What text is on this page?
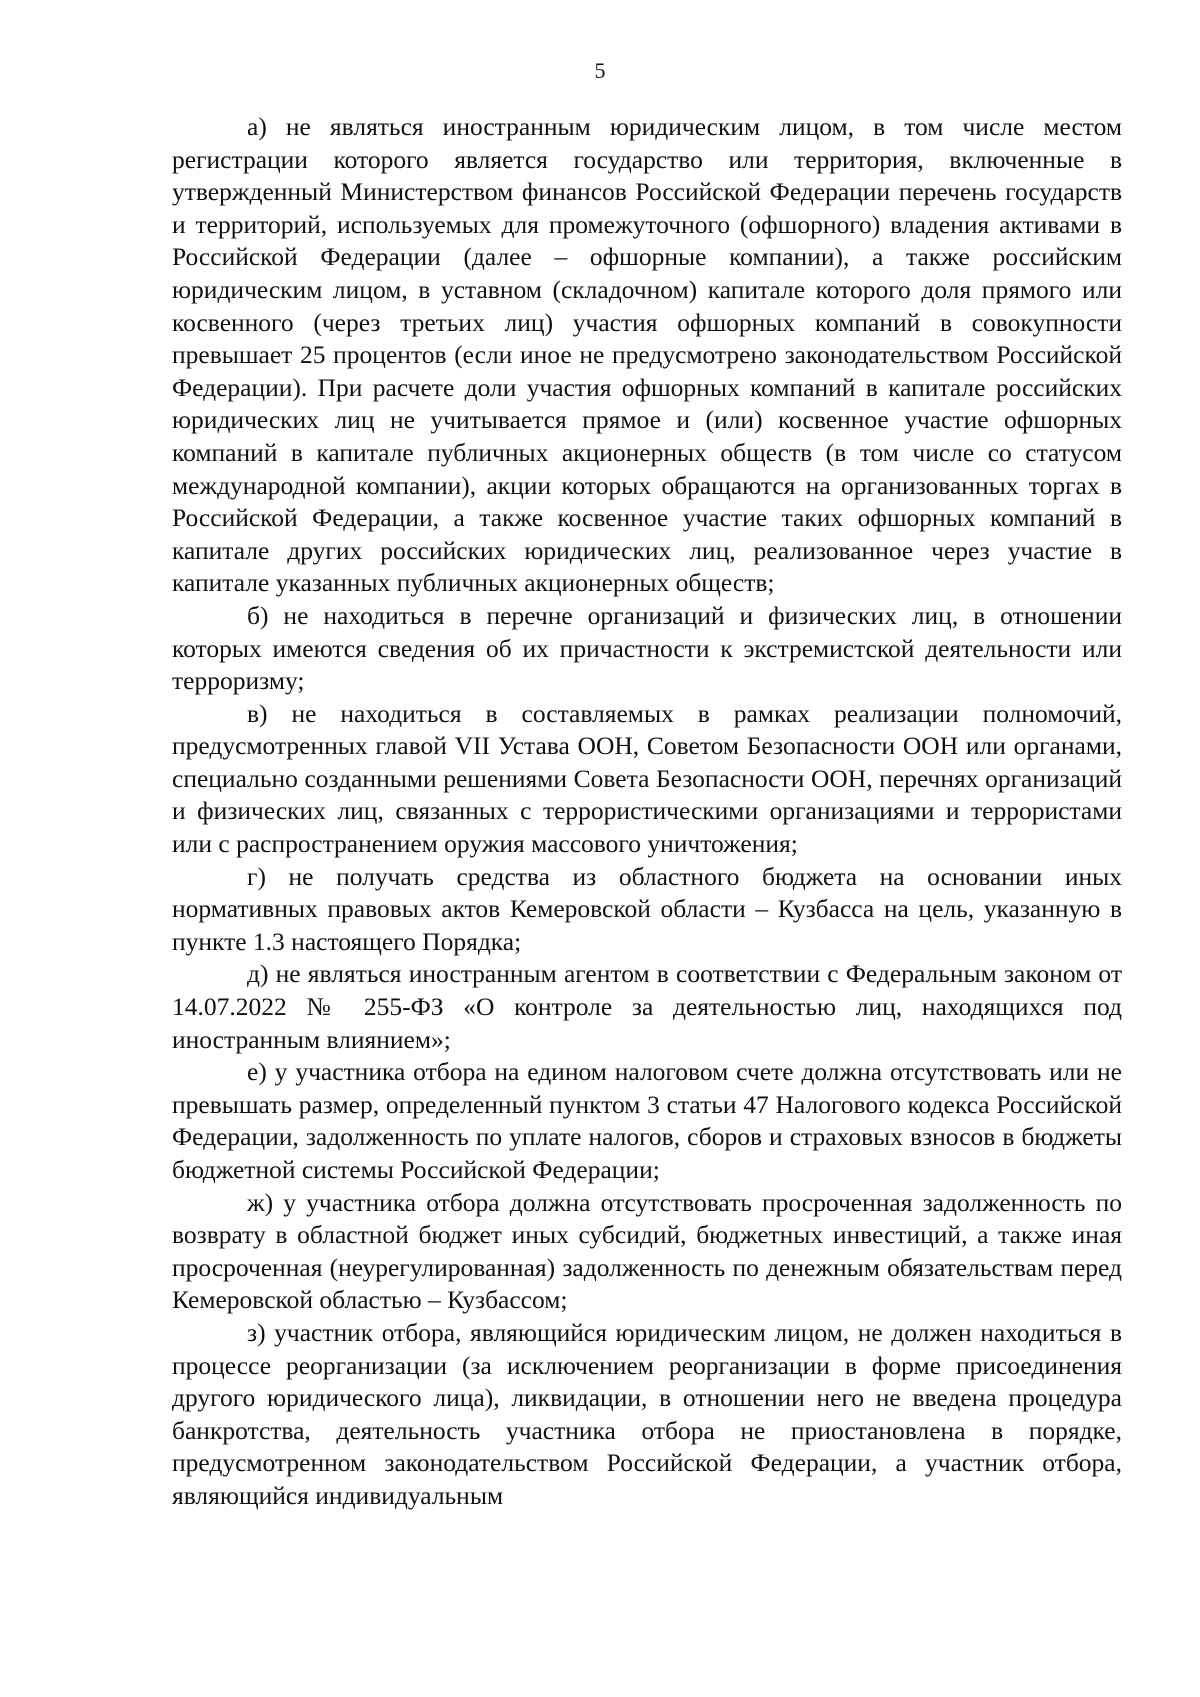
5

а) не являться иностранным юридическим лицом, в том числе местом регистрации которого является государство или территория, включенные в утвержденный Министерством финансов Российской Федерации перечень государств и территорий, используемых для промежуточного (офшорного) владения активами в Российской Федерации (далее – офшорные компании), а также российским юридическим лицом, в уставном (складочном) капитале которого доля прямого или косвенного (через третьих лиц) участия офшорных компаний в совокупности превышает 25 процентов (если иное не предусмотрено законодательством Российской Федерации). При расчете доли участия офшорных компаний в капитале российских юридических лиц не учитывается прямое и (или) косвенное участие офшорных компаний в капитале публичных акционерных обществ (в том числе со статусом международной компании), акции которых обращаются на организованных торгах в Российской Федерации, а также косвенное участие таких офшорных компаний в капитале других российских юридических лиц, реализованное через участие в капитале указанных публичных акционерных обществ;

б) не находиться в перечне организаций и физических лиц, в отношении которых имеются сведения об их причастности к экстремистской деятельности или терроризму;

в) не находиться в составляемых в рамках реализации полномочий, предусмотренных главой VII Устава ООН, Советом Безопасности ООН или органами, специально созданными решениями Совета Безопасности ООН, перечнях организаций и физических лиц, связанных с террористическими организациями и террористами или с распространением оружия массового уничтожения;

г) не получать средства из областного бюджета на основании иных нормативных правовых актов Кемеровской области – Кузбасса на цель, указанную в пункте 1.3 настоящего Порядка;

д) не являться иностранным агентом в соответствии с Федеральным законом от 14.07.2022 № 255-ФЗ «О контроле за деятельностью лиц, находящихся под иностранным влиянием»;

е) у участника отбора на едином налоговом счете должна отсутствовать или не превышать размер, определенный пунктом 3 статьи 47 Налогового кодекса Российской Федерации, задолженность по уплате налогов, сборов и страховых взносов в бюджеты бюджетной системы Российской Федерации;

ж) у участника отбора должна отсутствовать просроченная задолженность по возврату в областной бюджет иных субсидий, бюджетных инвестиций, а также иная просроченная (неурегулированная) задолженность по денежным обязательствам перед Кемеровской областью – Кузбассом;

з) участник отбора, являющийся юридическим лицом, не должен находиться в процессе реорганизации (за исключением реорганизации в форме присоединения другого юридического лица), ликвидации, в отношении него не введена процедура банкротства, деятельность участника отбора не приостановлена в порядке, предусмотренном законодательством Российской Федерации, а участник отбора, являющийся индивидуальным
